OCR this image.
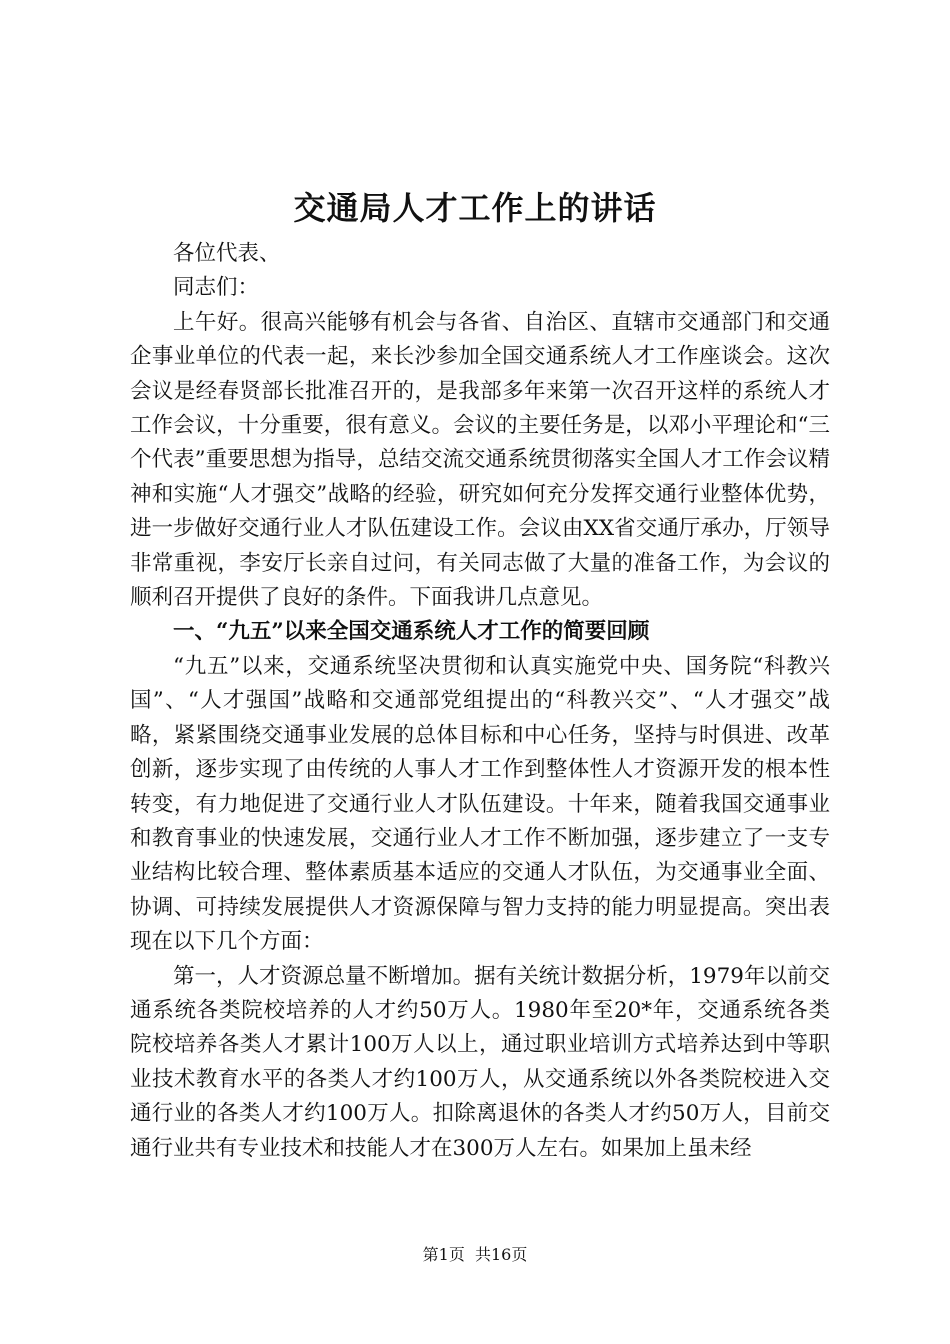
交通局人才工作上的讲话

各位代表、

同志们：

上午好。很高兴能够有机会与各省、自治区、直辖市交通部门和交通企事业单位的代表一起，来长沙参加全国交通系统人才工作座谈会。这次会议是经春贤部长批准召开的，是我部多年来第一次召开这样的系统人才工作会议，十分重要，很有意义。会议的主要任务是，以邓小平理论和“三个代表”重要思想为指导，总结交流交通系统贯彻落实全国人才工作会议精神和实施“人才强交”战略的经验，研究如何充分发挥交通行业整体优势，进一步做好交通行业人才队伍建设工作。会议由XX省交通厅承办，厅领导非常重视，李安厅长亲自过问，有关同志做了大量的准备工作，为会议的顺利召开提供了良好的条件。下面我讲几点意见。

一、“九五”以来全国交通系统人才工作的简要回顾

“九五”以来，交通系统坚决贯彻和认真实施党中央、国务院“科教兴国”、“人才强国”战略和交通部党组提出的“科教兴交”、“人才强交”战略，紧紧围绕交通事业发展的总体目标和中心任务，坚持与时俱进、改革创新，逐步实现了由传统的人事人才工作到整体性人才资源开发的根本性转变，有力地促进了交通行业人才队伍建设。十年来，随着我国交通事业和教育事业的快速发展，交通行业人才工作不断加强，逐步建立了一支专业结构比较合理、整体素质基本适应的交通人才队伍，为交通事业全面、协调、可持续发展提供人才资源保障与智力支持的能力明显提高。突出表现在以下几个方面：

第一，人才资源总量不断增加。据有关统计数据分析，1979年以前交通系统各类院校培养的人才约50万人。1980年至20*年，交通系统各类院校培养各类人才累计100万人以上，通过职业培训方式培养达到中等职业技术教育水平的各类人才约100万人，从交通系统以外各类院校进入交通行业的各类人才约100万人。扣除离退休的各类人才约50万人，目前交通行业共有专业技术和技能人才在300万人左右。如果加上虽未经

第1页  共16页
